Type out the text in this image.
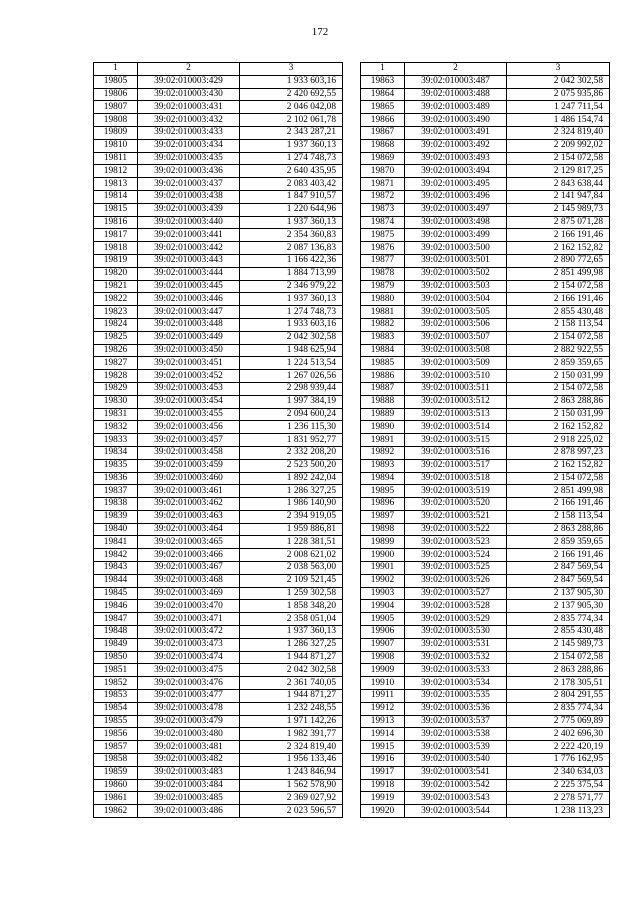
172
1	2	3
19805	39:02:010003:429	1 933 603,16
19806	39:02:010003:430	2 420 692,55
19807	39:02:010003:431	2 046 042,08
19808	39:02:010003:432	2 102 061,78
19809	39:02:010003:433	2 343 287,21
19810	39:02:010003:434	1 937 360,13
19811	39:02:010003:435	1 274 748,73
19812	39:02:010003:436	2 640 435,95
19813	39:02:010003:437	2 083 403,42
19814	39:02:010003:438	1 847 910,57
19815	39:02:010003:439	1 220 644,96
19816	39:02:010003:440	1 937 360,13
19817	39:02:010003:441	2 354 360,83
19818	39:02:010003:442	2 087 136,83
19819	39:02:010003:443	1 166 422,36
19820	39:02:010003:444	1 884 713,99
19821	39:02:010003:445	2 346 979,22
19822	39:02:010003:446	1 937 360,13
19823	39:02:010003:447	1 274 748,73
19824	39:02:010003:448	1 933 603,16
19825	39:02:010003:449	2 042 302,58
19826	39:02:010003:450	1 948 625,94
19827	39:02:010003:451	1 224 513,54
19828	39:02:010003:452	1 267 026,56
19829	39:02:010003:453	2 298 939,44
19830	39:02:010003:454	1 997 384,19
19831	39:02:010003:455	2 094 600,24
19832	39:02:010003:456	1 236 115,30
19833	39:02:010003:457	1 831 952,77
19834	39:02:010003:458	2 332 208,20
19835	39:02:010003:459	2 523 500,20
19836	39:02:010003:460	1 892 242,04
19837	39:02:010003:461	1 286 327,25
19838	39:02:010003:462	1 986 140,90
19839	39:02:010003:463	2 394 919,05
19840	39:02:010003:464	1 959 886,81
19841	39:02:010003:465	1 228 381,51
19842	39:02:010003:466	2 008 621,02
19843	39:02:010003:467	2 038 563,00
19844	39:02:010003:468	2 109 521,45
19845	39:02:010003:469	1 259 302,58
19846	39:02:010003:470	1 858 348,20
19847	39:02:010003:471	2 358 051,04
19848	39:02:010003:472	1 937 360,13
19849	39:02:010003:473	1 286 327,25
19850	39:02:010003:474	1 944 871,27
19851	39:02:010003:475	2 042 302,58
19852	39:02:010003:476	2 361 740,05
19853	39:02:010003:477	1 944 871,27
19854	39:02:010003:478	1 232 248,55
19855	39:02:010003:479	1 971 142,26
19856	39:02:010003:480	1 982 391,77
19857	39:02:010003:481	2 324 819,40
19858	39:02:010003:482	1 956 133,46
19859	39:02:010003:483	1 243 846,94
19860	39:02:010003:484	1 562 578,90
19861	39:02:010003:485	2 369 027,92
19862	39:02:010003:486	2 023 596,57
1	2	3
19863	39:02:010003:487	2 042 302,58
19864	39:02:010003:488	2 075 935,86
19865	39:02:010003:489	1 247 711,54
19866	39:02:010003:490	1 486 154,74
19867	39:02:010003:491	2 324 819,40
19868	39:02:010003:492	2 209 992,02
19869	39:02:010003:493	2 154 072,58
19870	39:02:010003:494	2 129 817,25
19871	39:02:010003:495	2 843 638,44
19872	39:02:010003:496	2 141 947,84
19873	39:02:010003:497	2 145 989,73
19874	39:02:010003:498	2 875 071,28
19875	39:02:010003:499	2 166 191,46
19876	39:02:010003:500	2 162 152,82
19877	39:02:010003:501	2 890 772,65
19878	39:02:010003:502	2 851 499,98
19879	39:02:010003:503	2 154 072,58
19880	39:02:010003:504	2 166 191,46
19881	39:02:010003:505	2 855 430,48
19882	39:02:010003:506	2 158 113,54
19883	39:02:010003:507	2 154 072,58
19884	39:02:010003:508	2 882 922,55
19885	39:02:010003:509	2 859 359,65
19886	39:02:010003:510	2 150 031,99
19887	39:02:010003:511	2 154 072,58
19888	39:02:010003:512	2 863 288,86
19889	39:02:010003:513	2 150 031,99
19890	39:02:010003:514	2 162 152,82
19891	39:02:010003:515	2 918 225,02
19892	39:02:010003:516	2 878 997,23
19893	39:02:010003:517	2 162 152,82
19894	39:02:010003:518	2 154 072,58
19895	39:02:010003:519	2 851 499,98
19896	39:02:010003:520	2 166 191,46
19897	39:02:010003:521	2 158 113,54
19898	39:02:010003:522	2 863 288,86
19899	39:02:010003:523	2 859 359,65
19900	39:02:010003:524	2 166 191,46
19901	39:02:010003:525	2 847 569,54
19902	39:02:010003:526	2 847 569,54
19903	39:02:010003:527	2 137 905,30
19904	39:02:010003:528	2 137 905,30
19905	39:02:010003:529	2 835 774,34
19906	39:02:010003:530	2 855 430,48
19907	39:02:010003:531	2 145 989,73
19908	39:02:010003:532	2 154 072,58
19909	39:02:010003:533	2 863 288,86
19910	39:02:010003:534	2 178 305,51
19911	39:02:010003:535	2 804 291,55
19912	39:02:010003:536	2 835 774,34
19913	39:02:010003:537	2 775 069,89
19914	39:02:010003:538	2 402 696,30
19915	39:02:010003:539	2 222 420,19
19916	39:02:010003:540	1 776 162,95
19917	39:02:010003:541	2 340 634,03
19918	39:02:010003:542	2 225 375,54
19919	39:02:010003:543	2 278 571,77
19920	39:02:010003:544	1 238 113,23
